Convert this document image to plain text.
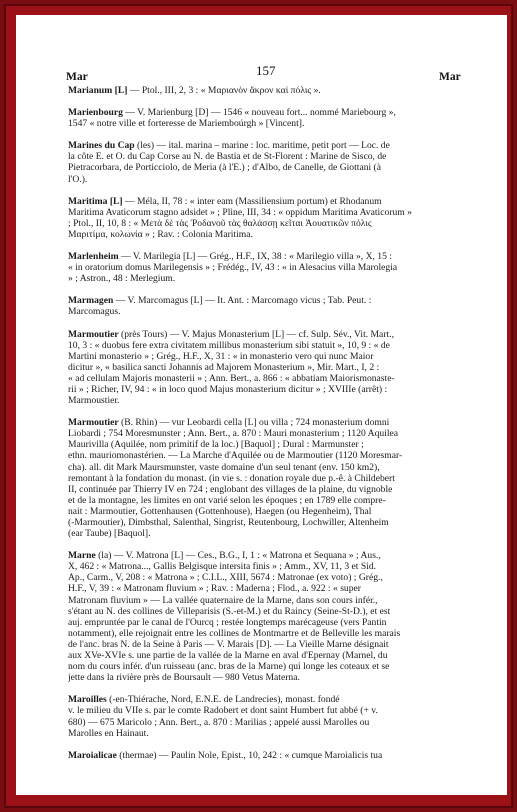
Mar	157	Mar
Marianum [L] — Ptol., III, 2, 3 : « Μαριανὸν ἄκρον καὶ πόλις ».
Marienbourg — V. Marienburg [D] — 1546 « nouveau fort... nommé Mariebourg »,
1547 « notre ville et forteresse de Mariemboúrgh » [Vincent].
Marines du Cap (les) — ital. marina – marine : loc. maritime, petit port — Loc. de
la côte E. et O. du Cap Corse au N. de Bastia et de St-Florent : Marine de Sisco, de
Pietracorbara, de Porticciolo, de Meria (à l'E.) ; d'Albo, de Canelle, de Giottani (à
l'O.).
Maritima [L] — Méla, II, 78 : « inter eam (Massiliensium portum) et Rhodanum
Maritima Avaticorum stagno adsidet » ; Pline, III, 34 : « oppidum Maritima Avaticorum »
; Ptol., II, 10, 8 : « Μετὰ δὲ τὰς Ῥοδανοῦ τὰς θαλάσσῃ κεῖται Ἀουατικῶν πόλις
Μαριτίμα, κολωνία » ; Rav. : Colonia Maritima.
Marlenheim — V. Marilegia [L] — Grég., H.F., IX, 38 : « Marilegio villa », X, 15 :
« in oratorium domus Marilegensis » ; Frédég., IV, 43 : « in Alesacius villa Marolegia
» ; Astron., 48 : Merlegium.
Marmagen — V. Marcomagus [L] — It. Ant. : Marcomago vicus ; Tab. Peut. :
Marcomagus.
Marmoutier (près Tours) — V. Majus Monasterium [L] — cf. Sulp. Sév., Vit. Mart.,
10, 3 : « duobus fere extra civitatem millibus monasterium sibi statuit », 10, 9 : « de
Martini monasterio » ; Grég., H.F., X, 31 : « in monasterio vero qui nunc Maior
dicitur », « basilica sancti Johannis ad Majorem Monasterium », Mir. Mart., I, 2 :
« ad cellulam Majoris monasterii » ; Ann. Bert., a. 866 : « abbatiam Maiorismonaste-
rii » ; Richer, IV, 94 : « in loco quod Majus monasterium dicitur » ; XVIIIe (arrêt) :
Marmoustier.
Marmoutier (B. Rhin) — vur Leobardi cella [L] ou villa ; 724 monasterium domni
Liobardi ; 754 Moresmunster ; Ann. Bert., a. 870 : Mauri monasterium ; 1120 Aquilea
Maurivilla (Aquilée, nom primitif de la loc.) [Baquol] ; Dural : Marmunster ;
ethn. mauriomonastérien. — La Marche d'Aquilée ou de Marmoutier (1120 Moresmar-
cha). all. dit Mark Maursmunster, vaste domaine d'un seul tenant (env. 150 km2),
remontant à la fondation du monast. (in vie s. : donation royale due p.-ê. à Childebert
II, continuée par Thierry IV en 724 ; englobant des villages de la plaine, du vignoble
et de la montagne, les limites en ont varié selon les époques ; en 1789 elle compre-
nait : Marmoutier, Gottenhausen (Gottenhouse), Haegen (ou Hegenheim), Thal
(-Marmoutier), Dimbsthal, Salenthal, Singrist, Reutenbourg, Lochwiller, Altenheim
(ear Taube) [Baquol].
Marne (la) — V. Matrona [L] — Ces., B.G., I, 1 : « Matrona et Sequana » ; Aus.,
X, 462 : « Matrona..., Gallis Belgisque intersita finis » ; Amm., XV, 11, 3 et Sid.
Ap., Carm., V, 208 : « Matrona » ; C.I.L., XIII, 5674 : Matronae (ex voto) ; Grég.,
H.F., V, 39 : « Matronam fluvium » ; Rav. : Maderna ; Flod., a. 922 : « super
Matronam fluvium » — La vallée quaternaire de la Marne, dans son cours infér.,
s'étant au N. des collines de Villeparisis (S.-et-M.) et du Raincy (Seine-St-D.), et est
auj. empruntée par le canal de l'Ourcq ; restée longtemps marécageuse (vers Pantin
notamment), elle rejoignait entre les collines de Montmartre et de Belleville les marais
de l'anc. bras N. de la Seine à Paris — V. Marais [D]. — La Vieille Marne désignait
aux XVe-XVIe s. une partie de la vallée de la Marne en aval d'Epernay (Marnel, du
nom du cours infér. d'un ruisseau (anc. bras de la Marne) qui longe les coteaux et se
jette dans la rivière près de Boursault — 980 Vetus Materna.
Maroilles (-en-Thiérache, Nord, E.N.E. de Landrecies), monast. fondé
v. le milieu du VIIe s. par le comte Radobert et dont saint Humbert fut abbé (+ v.
680) — 675 Maricolo ; Ann. Bert., a. 870 : Marilias ; appelé aussi Marolles ou
Marolles en Hainaut.
Maroialicae (thermae) — Paulin Nole, Epist., 10, 242 : « cumque Maroialicis tua
